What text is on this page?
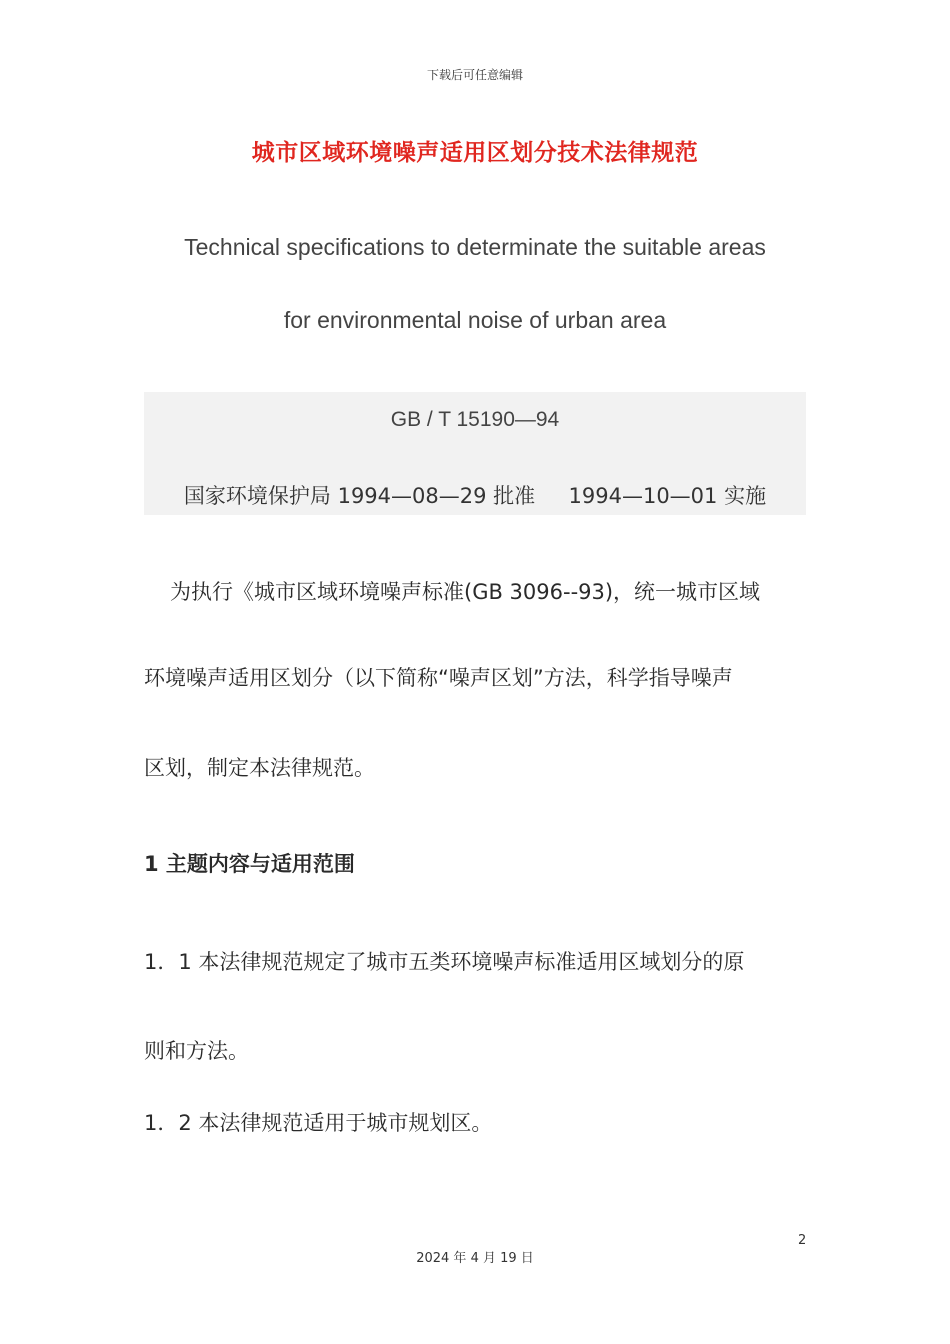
下载后可任意编辑
城市区域环境噪声适用区划分技术法律规范
Technical specifications to determinate the suitable areas
for environmental noise of urban area
GB / T 15190—94
国家环境保护局 1994—08—29 批准     1994—10—01 实施
为执行《城市区域环境噪声标准(GB 3096--93)，统一城市区域
环境噪声适用区划分（以下简称“噪声区划”方法，科学指导噪声
区划，制定本法律规范。
1 主题内容与适用范围
1．1 本法律规范规定了城市五类环境噪声标准适用区域划分的原
则和方法。
1．2 本法律规范适用于城市规划区。
2
2024 年 4 月 19 日
